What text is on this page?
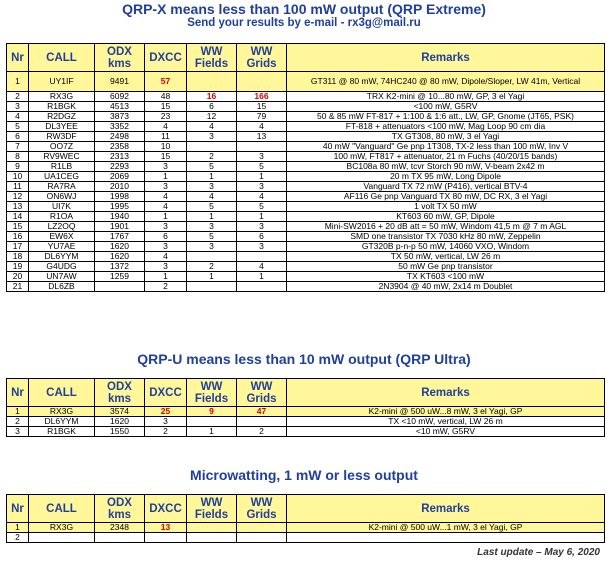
QRP-X means less than 100 mW output (QRP Extreme)
Send your results by e-mail - rx3g@mail.ru
Nr	CALL	ODX kms	DXCC	WW Fields	WW Grids	Remarks
1	UY1IF	9491	57			GT311 @ 80 mW, 74HC240 @ 80 mW, Dipole/Sloper, LW 41m, Vertical
2	RX3G	6092	48	16	166	TRX K2-mini @ 10...80 mW, GP, 3 el Yagi
3	R1BGK	4513	15	6	15	<100 mW, G5RV
4	R2DGZ	3873	23	12	79	50 & 85 mW FT-817 + 1:100 & 1:6 att., LW, GP, Gnome (JT65, PSK)
5	DL3YEE	3352	4	4	4	FT-818 + attenuators <100 mW, Mag Loop 90 cm dia
6	RW3DF	2498	11	3	13	TX GT308, 80 mW, 3 el Yagi
7	OO7Z	2358	10			40 mW "Vanguard" Ge pnp 1T308, TX-2 less than 100 mW, Inv V
8	RV9WEC	2313	15	2	3	100 mW, FT817 + attenuator, 21 m Fuchs (40/20/15 bands)
9	R1LB	2293	3	5	5	BC108a 80 mW, tcvr Storch 90 mW, V-beam 2x42 m
10	UA1CEG	2069	1	1	1	20 m TX 95 mW, Long Dipole
11	RA7RA	2010	3	3	3	Vanguard TX 72 mW (P416), vertical BTV-4
12	ON6WJ	1998	4	4	4	AF116 Ge pnp Vanguard TX 80 mW, DC RX, 3 el Yagi
13	UI7K	1995	4	5	5	1 volt TX 50 mW
14	R1OA	1940	1	1	1	KT603 60 mW, GP, Dipole
15	LZ2OQ	1901	3	3	3	Mini-SW2016 + 20 dB att = 50 mW, Windom 41,5 m @ 7 m AGL
16	EW6X	1767	6	5	6	SMD one transistor TX 7030 kHz 80 mW, Zeppelin
17	YU7AE	1620	3	3	3	GT320B p-n-p 50 mW, 14060 VXO, Windom
18	DL6YYM	1620	4			TX 50 mW, vertical, LW 26 m
19	G4UDG	1372	3	2	4	50 mW Ge pnp transistor
20	UN7AW	1259	1	1	1	TX KT603 <100 mW
21	DL6ZB		2			2N3904 @ 40 mW, 2x14 m Doublet
QRP-U means less than 10 mW output (QRP Ultra)
Nr	CALL	ODX kms	DXCC	WW Fields	WW Grids	Remarks
1	RX3G	3574	25	9	47	K2-mini @ 500 uW...8 mW, 3 el Yagi, GP
2	DL6YYM	1620	3			TX <10 mW, vertical, LW 26 m
3	R1BGK	1550	2	1	2	<10 mW, G5RV
Microwatting, 1 mW or less output
Nr	CALL	ODX kms	DXCC	WW Fields	WW Grids	Remarks
1	RX3G	2348	13			K2-mini @ 500 uW...1 mW, 3 el Yagi, GP
2						
Last update – May 6, 2020
